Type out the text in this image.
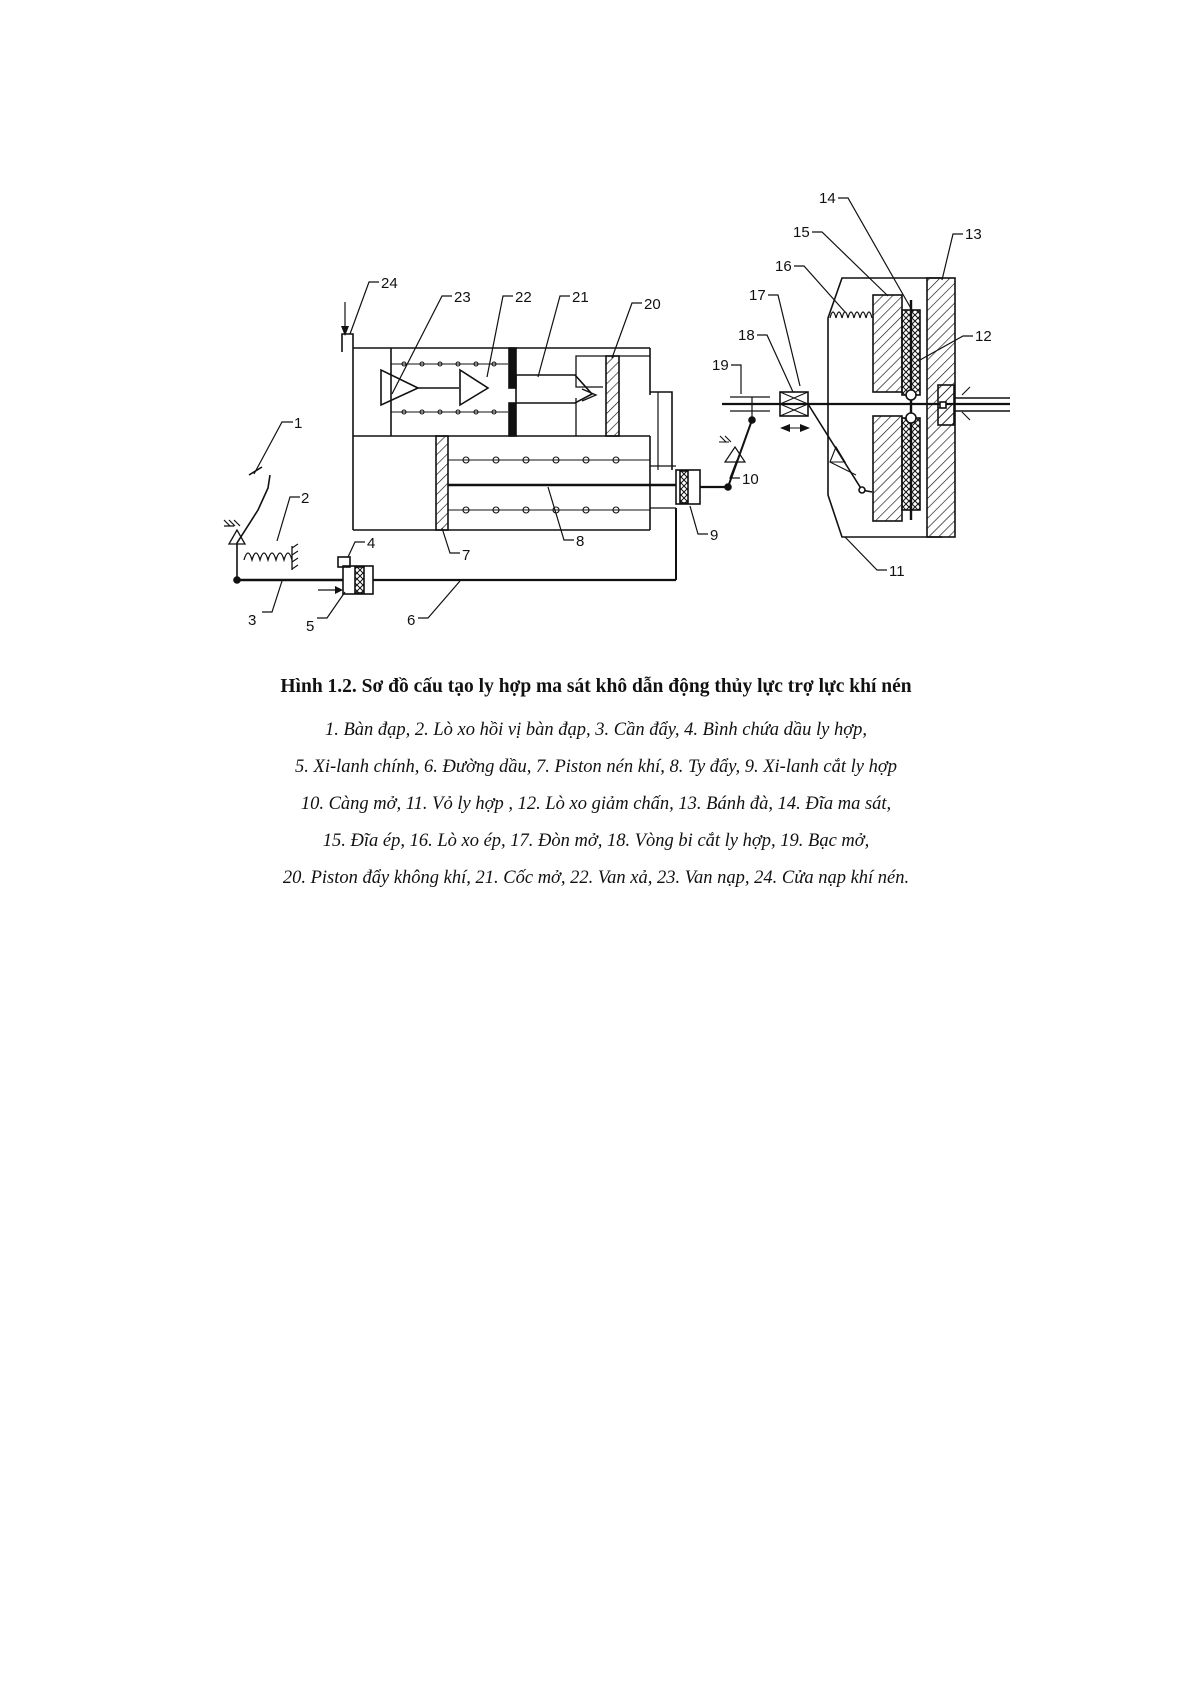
1
2
3
4
5	6
7
8	9
10
11
12
13
14
15
16
17
18
19
20
21
22
23
24
Hình 1.2. Sơ đồ cấu tạo ly hợp ma sát khô dẫn động thủy lực trợ lực khí nén
1. Bàn đạp, 2. Lò xo hồi vị bàn đạp, 3. Cần đẩy, 4. Bình chứa dầu ly hợp,
5. Xi-lanh chính, 6. Đường dầu, 7. Piston nén khí, 8. Ty đẩy, 9. Xi-lanh cắt ly hợp
10. Càng mở, 11. Vỏ ly hợp , 12. Lò xo giảm chấn, 13. Bánh đà, 14. Đĩa ma sát,
15. Đĩa ép, 16. Lò xo ép, 17. Đòn mở, 18. Vòng bi cắt ly hợp, 19. Bạc mở,
20. Piston đẩy không khí, 21. Cốc mở, 22. Van xả, 23. Van nạp, 24. Cửa nạp khí nén.
